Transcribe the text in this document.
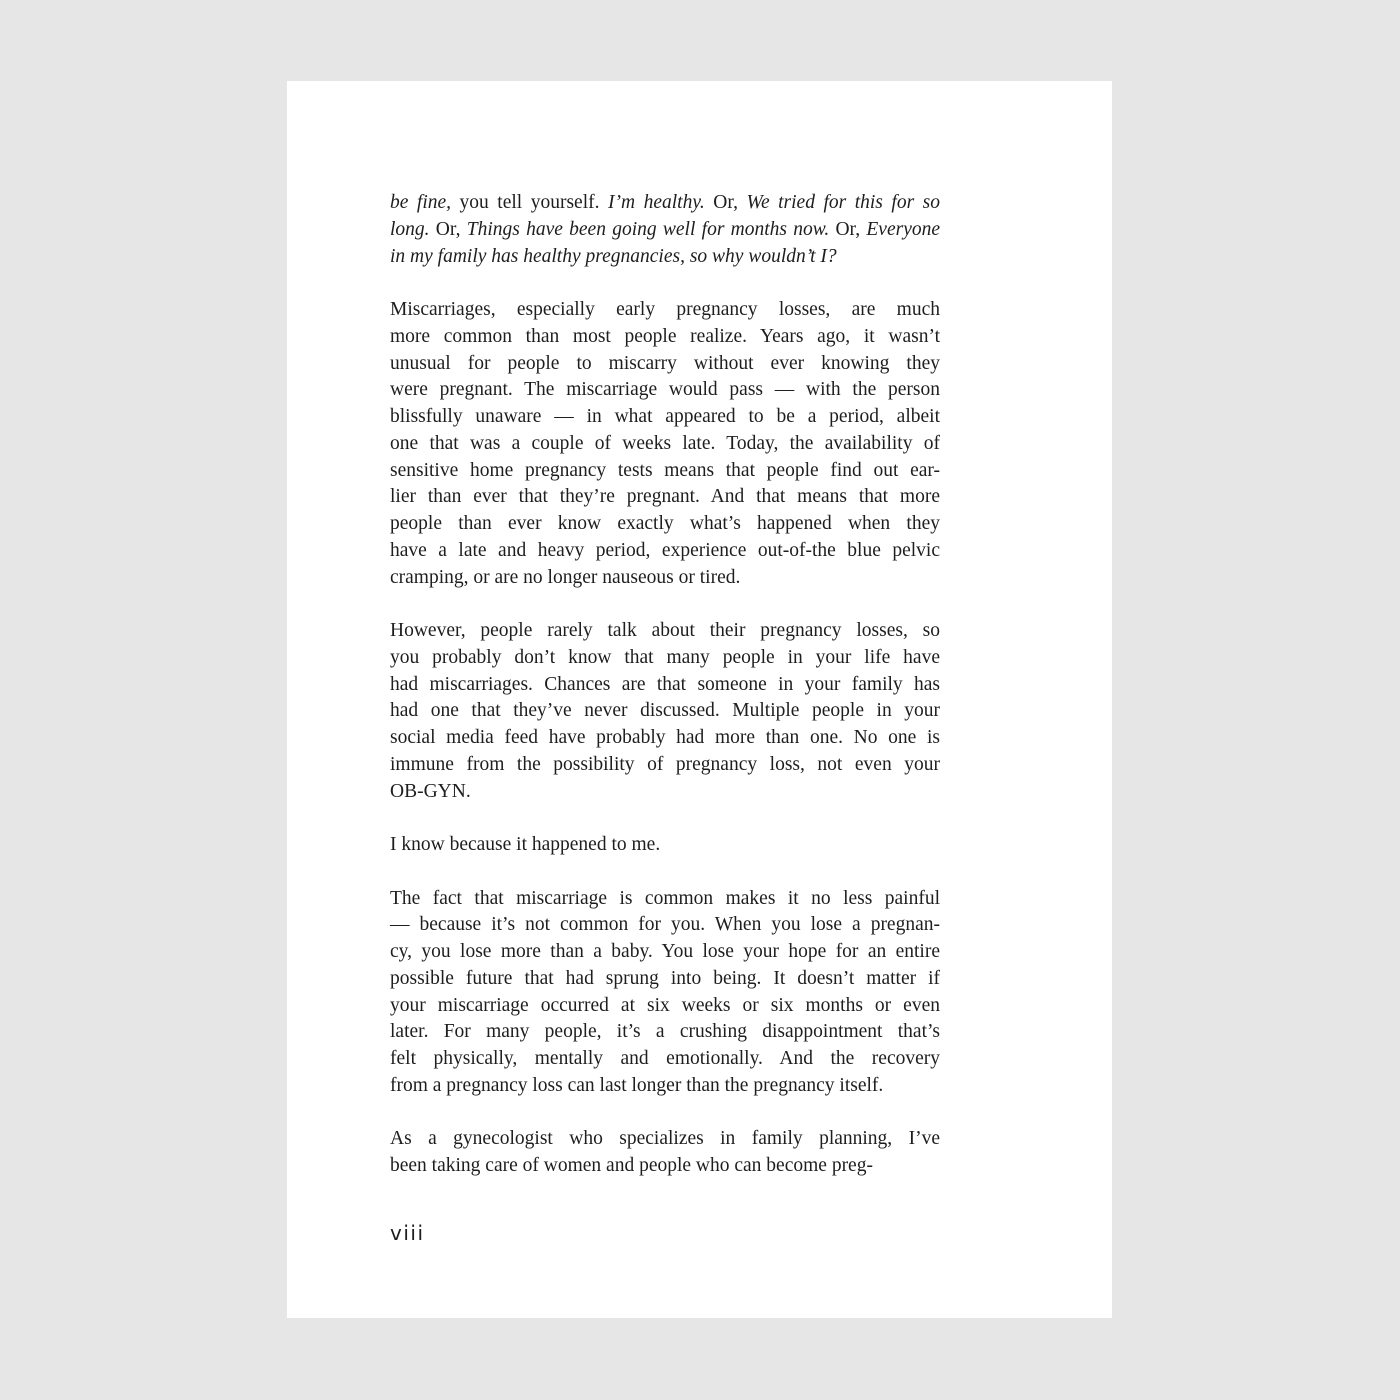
be fine, you tell yourself. I’m healthy. Or, We tried for this for so
long. Or, Things have been going well for months now. Or, Everyone
in my family has healthy pregnancies, so why wouldn’t I?

Miscarriages, especially early pregnancy losses, are much
more common than most people realize. Years ago, it wasn’t
unusual for people to miscarry without ever knowing they
were pregnant. The miscarriage would pass — with the person
blissfully unaware — in what appeared to be a period, albeit
one that was a couple of weeks late. Today, the availability of
sensitive home pregnancy tests means that people find out ear-
lier than ever that they’re pregnant. And that means that more
people than ever know exactly what’s happened when they
have a late and heavy period, experience out-of-the blue pelvic
cramping, or are no longer nauseous or tired.

However, people rarely talk about their pregnancy losses, so
you probably don’t know that many people in your life have
had miscarriages. Chances are that someone in your family has
had one that they’ve never discussed. Multiple people in your
social media feed have probably had more than one. No one is
immune from the possibility of pregnancy loss, not even your
OB-GYN.

I know because it happened to me.

The fact that miscarriage is common makes it no less painful
— because it’s not common for you. When you lose a pregnan-
cy, you lose more than a baby. You lose your hope for an entire
possible future that had sprung into being. It doesn’t matter if
your miscarriage occurred at six weeks or six months or even
later. For many people, it’s a crushing disappointment that’s
felt physically, mentally and emotionally. And the recovery
from a pregnancy loss can last longer than the pregnancy itself.

As a gynecologist who specializes in family planning, I’ve
been taking care of women and people who can become preg-

viii
